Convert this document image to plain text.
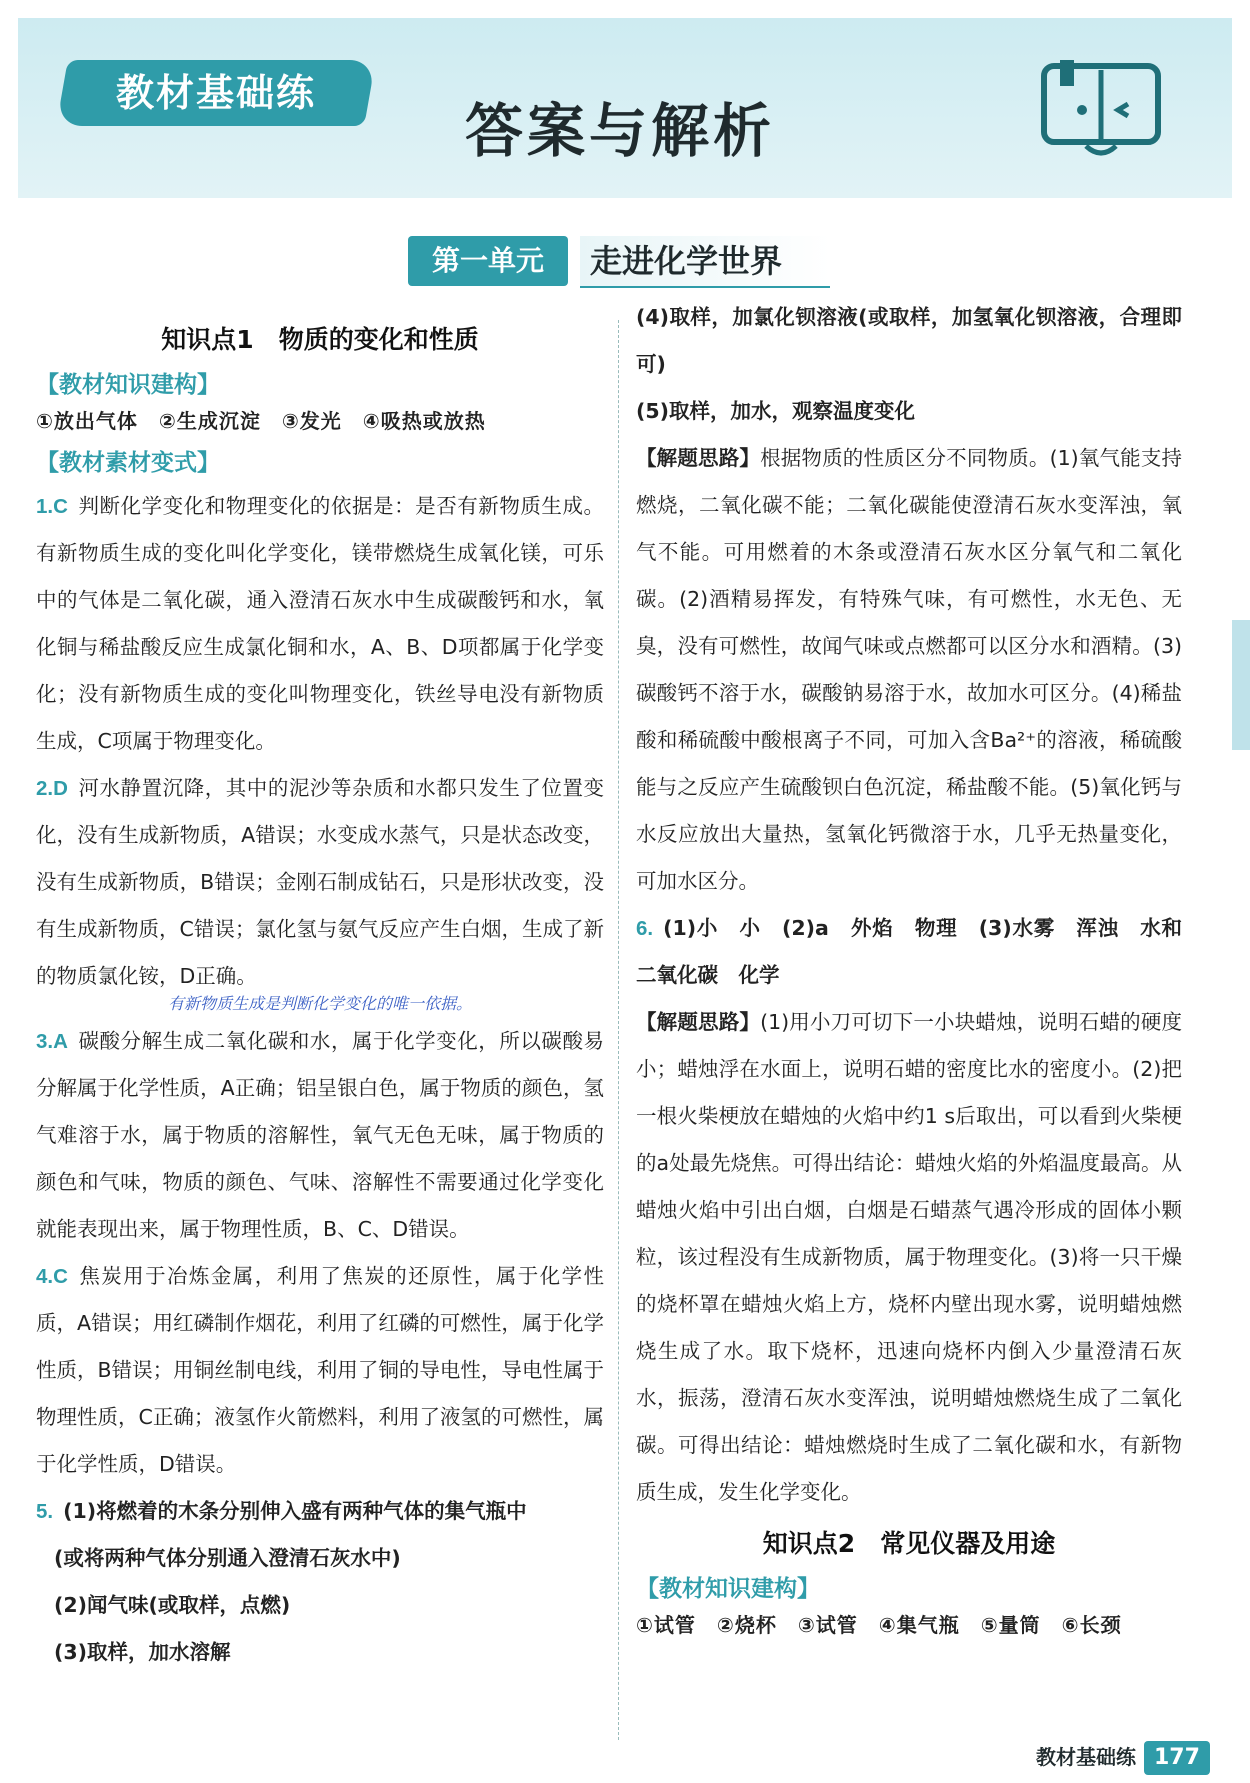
教材基础练
答案与解析
第一单元	走进化学世界
知识点1　物质的变化和性质
【教材知识建构】
①放出气体　②生成沉淀　③发光　④吸热或放热
【教材素材变式】

1.C 判断化学变化和物理变化的依据是：是否有新物质生成。有新物质生成的变化叫化学变化，镁带燃烧生成氧化镁，可乐中的气体是二氧化碳，通入澄清石灰水中生成碳酸钙和水，氧化铜与稀盐酸反应生成氯化铜和水，A、B、D项都属于化学变化；没有新物质生成的变化叫物理变化，铁丝导电没有新物质生成，C项属于物理变化。

2.D 河水静置沉降，其中的泥沙等杂质和水都只发生了位置变化，没有生成新物质，A错误；水变成水蒸气，只是状态改变，没有生成新物质，B错误；金刚石制成钻石，只是形状改变，没有生成新物质，C错误；氯化氢与氨气反应产生白烟，生成了新的物质氯化铵，D正确。

有新物质生成是判断化学变化的唯一依据。

3.A 碳酸分解生成二氧化碳和水，属于化学变化，所以碳酸易分解属于化学性质，A正确；铝呈银白色，属于物质的颜色，氢气难溶于水，属于物质的溶解性，氧气无色无味，属于物质的颜色和气味，物质的颜色、气味、溶解性不需要通过化学变化就能表现出来，属于物理性质，B、C、D错误。

4.C 焦炭用于冶炼金属，利用了焦炭的还原性，属于化学性质，A错误；用红磷制作烟花，利用了红磷的可燃性，属于化学性质，B错误；用铜丝制电线，利用了铜的导电性，导电性属于物理性质，C正确；液氢作火箭燃料，利用了液氢的可燃性，属于化学性质，D错误。

5. (1)将燃着的木条分别伸入盛有两种气体的集气瓶中

(或将两种气体分别通入澄清石灰水中)

(2)闻气味(或取样，点燃)

(3)取样，加水溶解

(4)取样，加氯化钡溶液(或取样，加氢氧化钡溶液，合理即可)

(5)取样，加水，观察温度变化

【解题思路】根据物质的性质区分不同物质。(1)氧气能支持燃烧，二氧化碳不能；二氧化碳能使澄清石灰水变浑浊，氧气不能。可用燃着的木条或澄清石灰水区分氧气和二氧化碳。(2)酒精易挥发，有特殊气味，有可燃性，水无色、无臭，没有可燃性，故闻气味或点燃都可以区分水和酒精。(3)碳酸钙不溶于水，碳酸钠易溶于水，故加水可区分。(4)稀盐酸和稀硫酸中酸根离子不同，可加入含Ba²⁺的溶液，稀硫酸能与之反应产生硫酸钡白色沉淀，稀盐酸不能。(5)氧化钙与水反应放出大量热，氢氧化钙微溶于水，几乎无热量变化，可加水区分。

6. (1)小　小　(2)a　外焰　物理　(3)水雾　浑浊　水和二氧化碳　化学

【解题思路】(1)用小刀可切下一小块蜡烛，说明石蜡的硬度小；蜡烛浮在水面上，说明石蜡的密度比水的密度小。(2)把一根火柴梗放在蜡烛的火焰中约1 s后取出，可以看到火柴梗的a处最先烧焦。可得出结论：蜡烛火焰的外焰温度最高。从蜡烛火焰中引出白烟，白烟是石蜡蒸气遇冷形成的固体小颗粒，该过程没有生成新物质，属于物理变化。(3)将一只干燥的烧杯罩在蜡烛火焰上方，烧杯内壁出现水雾，说明蜡烛燃烧生成了水。取下烧杯，迅速向烧杯内倒入少量澄清石灰水，振荡，澄清石灰水变浑浊，说明蜡烛燃烧生成了二氧化碳。可得出结论：蜡烛燃烧时生成了二氧化碳和水，有新物质生成，发生化学变化。

知识点2　常见仪器及用途
【教材知识建构】
①试管　②烧杯　③试管　④集气瓶　⑤量筒　⑥长颈
教材基础练 177
